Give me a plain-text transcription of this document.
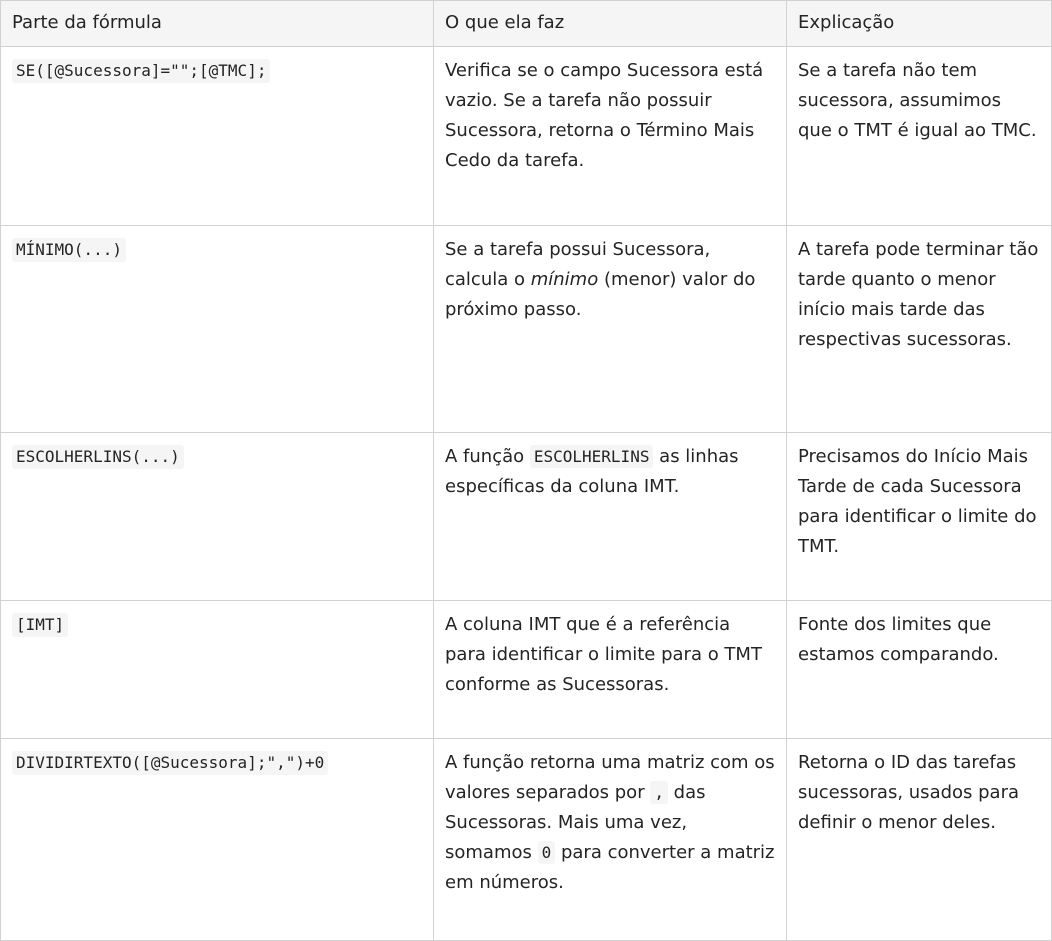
Parte da fórmula	O que ela faz	Explicação
SE([@Sucessora]="";[@TMC];	Verifica se o campo Sucessora está vazio. Se a tarefa não possuir Sucessora, retorna o Término Mais Cedo da tarefa.	Se a tarefa não tem sucessora, assumimos que o TMT é igual ao TMC.
MÍNIMO(...)	Se a tarefa possui Sucessora, calcula o mínimo (menor) valor do próximo passo.	A tarefa pode terminar tão tarde quanto o menor início mais tarde das respectivas sucessoras.
ESCOLHERLINS(...)	A função ESCOLHERLINS as linhas específicas da coluna IMT.	Precisamos do Início Mais Tarde de cada Sucessora para identificar o limite do TMT.
[IMT]	A coluna IMT que é a referência para identificar o limite para o TMT conforme as Sucessoras.	Fonte dos limites que estamos comparando.
DIVIDIRTEXTO([@Sucessora];",")+0	A função retorna uma matriz com os valores separados por , das Sucessoras. Mais uma vez, somamos 0 para converter a matriz em números.	Retorna o ID das tarefas sucessoras, usados para definir o menor deles.
